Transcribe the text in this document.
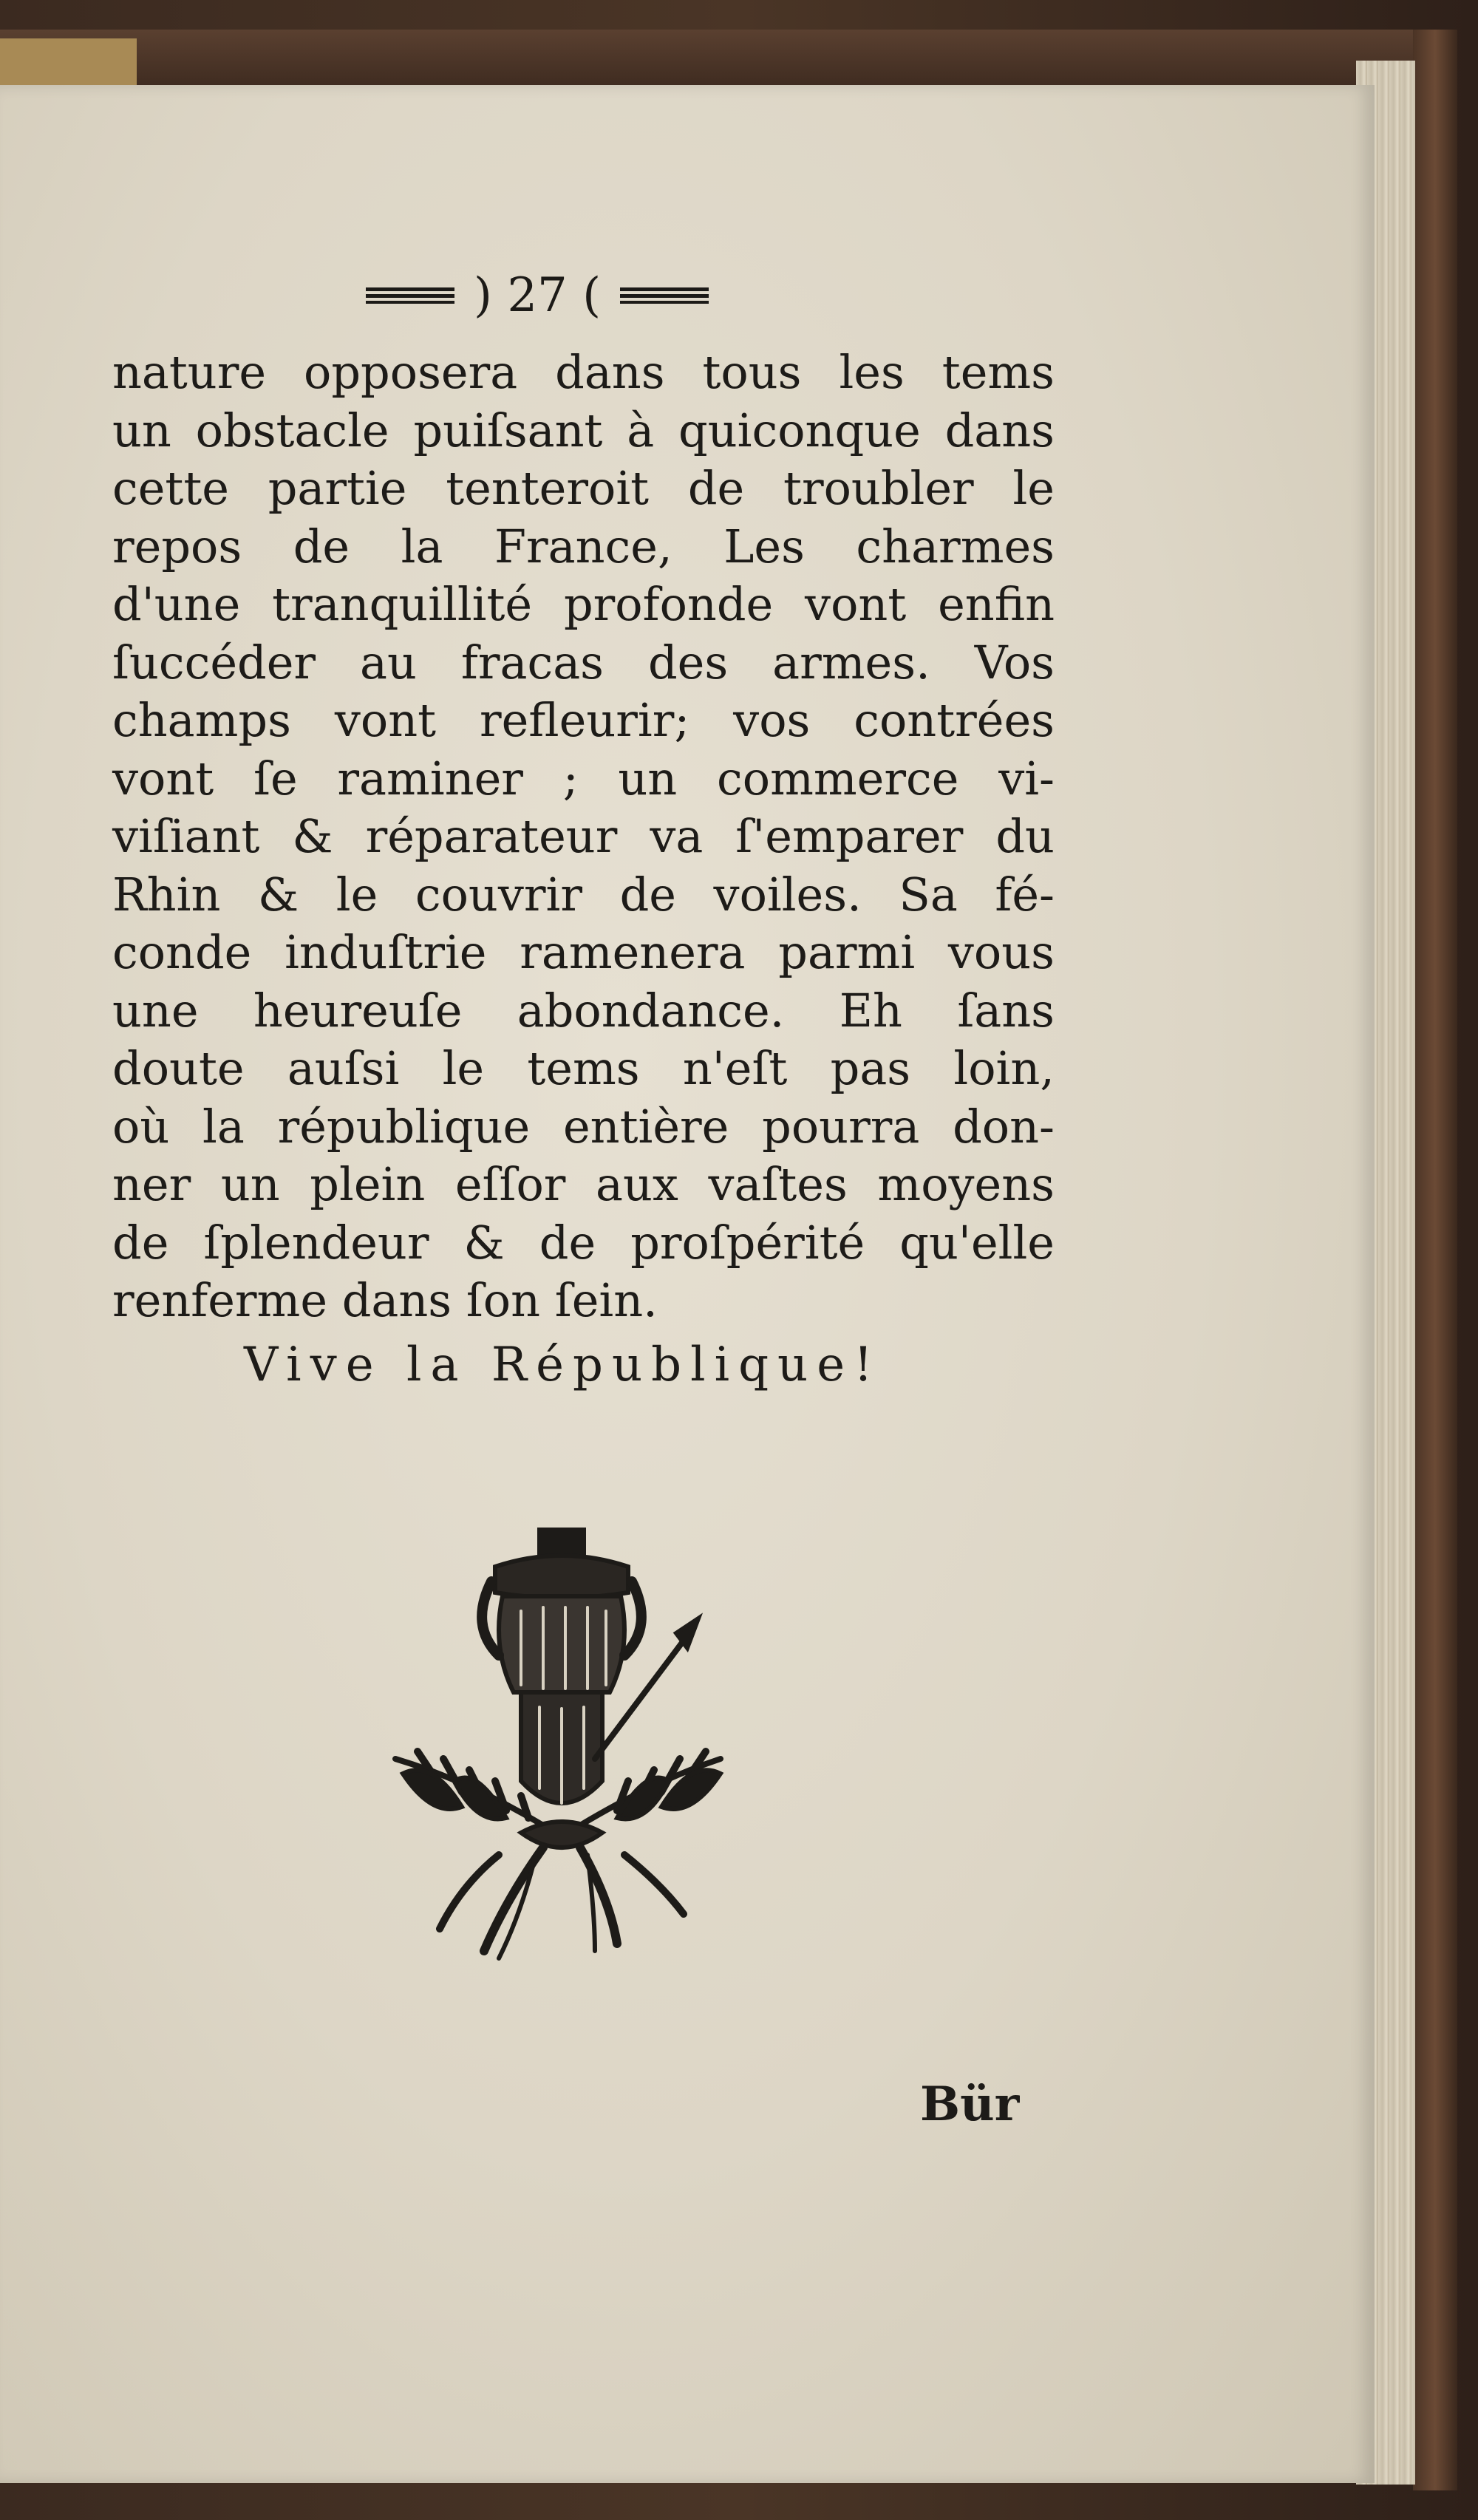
) 27 (
nature opposera dans tous les tems
un obstacle puiſsant à quiconque dans
cette partie tenteroit de troubler le
repos de la France, Les charmes
d'une tranquillité profonde vont enfin
ſuccéder au fracas des armes. Vos
champs vont refleurir; vos contrées
vont ſe raminer ; un commerce vi-
viſiant & réparateur va ſ'emparer du
Rhin & le couvrir de voiles. Sa fé-
conde induſtrie ramenera parmi vous
une heureuſe abondance. Eh ſans
doute auſsi le tems n'eſt pas loin,
où la république entière pourra don-
ner un plein eſſor aux vaſtes moyens
de ſplendeur & de proſpérité qu'elle
renferme dans ſon ſein.
Vive la République!
Bür
